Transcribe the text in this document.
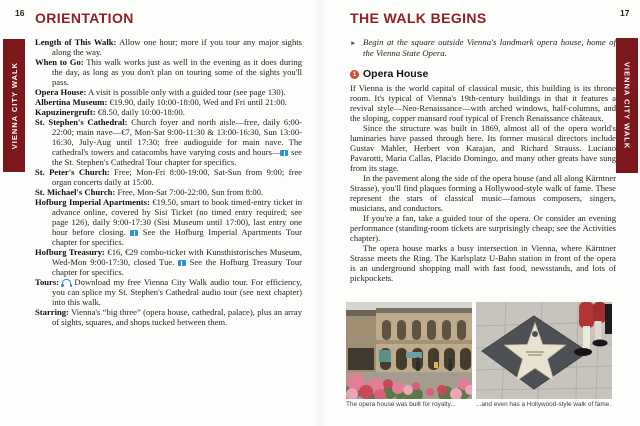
16	17
VIENNA CITY WALK	VIENNA CITY WALK
ORIENTATION

Length of This Walk: Allow one hour; more if you tour any major sights along the way.

When to Go: This walk works just as well in the evening as it does during the day, as long as you don't plan on touring some of the sights you'll pass.

Opera House: A visit is possible only with a guided tour (see page 130).

Albertina Museum: €19.90, daily 10:00-18:00, Wed and Fri until 21:00.

Kapuzinergruft: €8.50, daily 10:00-18:00.

St. Stephen's Cathedral: Church foyer and north aisle—free, daily 6:00-22:00; main nave—€7, Mon-Sat 9:00-11:30 & 13:00-16:30, Sun 13:00-16:30, July-Aug until 17:30; free audioguide for main nave. The cathedral's towers and catacombs have varying costs and hours— see the St. Stephen's Cathedral Tour chapter for specifics.

St. Peter's Church: Free; Mon-Fri 8:00-19:00, Sat-Sun from 9:00; free organ concerts daily at 15:00.

St. Michael's Church: Free, Mon-Sat 7:00-22:00, Sun from 8:00.

Hofburg Imperial Apartments: €19.50, smart to book timed-entry ticket in advance online, covered by Sisi Ticket (no timed entry required; see page 126), daily 9:00-17:30 (Sisi Museum until 17:00), last entry one hour before closing. See the Hofburg Imperial Apartments Tour chapter for specifics.

Hofburg Treasury: €16, €29 combo-ticket with Kunsthistorisches Museum, Wed-Mon 9:00-17:30, closed Tue. See the Hofburg Treasury Tour chapter for specifics.

Tours: Download my free Vienna City Walk audio tour. For efficiency, you can splice my St. Stephen's Cathedral audio tour (see next chapter) into this walk.

Starring: Vienna's “big three” (opera house, cathedral, palace), plus an array of sights, squares, and shops tucked between them.

THE WALK BEGINS

► Begin at the square outside Vienna's landmark opera house, home of the Vienna State Opera.

1 Opera House

If Vienna is the world capital of classical music, this building is its throne room. It's typical of Vienna's 19th-century buildings in that it features a revival style—Neo-Renaissance—with arched windows, half-columns, and the sloping, copper mansard roof typical of French Renaissance châteaux.

Since the structure was built in 1869, almost all of the opera world's luminaries have passed through here. Its former musical directors include Gustav Mahler, Herbert von Karajan, and Richard Strauss. Luciano Pavarotti, Maria Callas, Placido Domingo, and many other greats have sung from its stage.

In the pavement along the side of the opera house (and all along Kärntner Strasse), you'll find plaques forming a Hollywood-style walk of fame. These represent the stars of classical music—famous composers, singers, musicians, and conductors.

If you're a fan, take a guided tour of the opera. Or consider an evening performance (standing-room tickets are surprisingly cheap; see the Activities chapter).

The opera house marks a busy intersection in Vienna, where Kärntner Strasse meets the Ring. The Karlsplatz U-Bahn station in front of the opera is an underground shopping mall with fast food, newsstands, and lots of pickpockets.

The opera house was built for royalty...	...and even has a Hollywood-style walk of fame.
